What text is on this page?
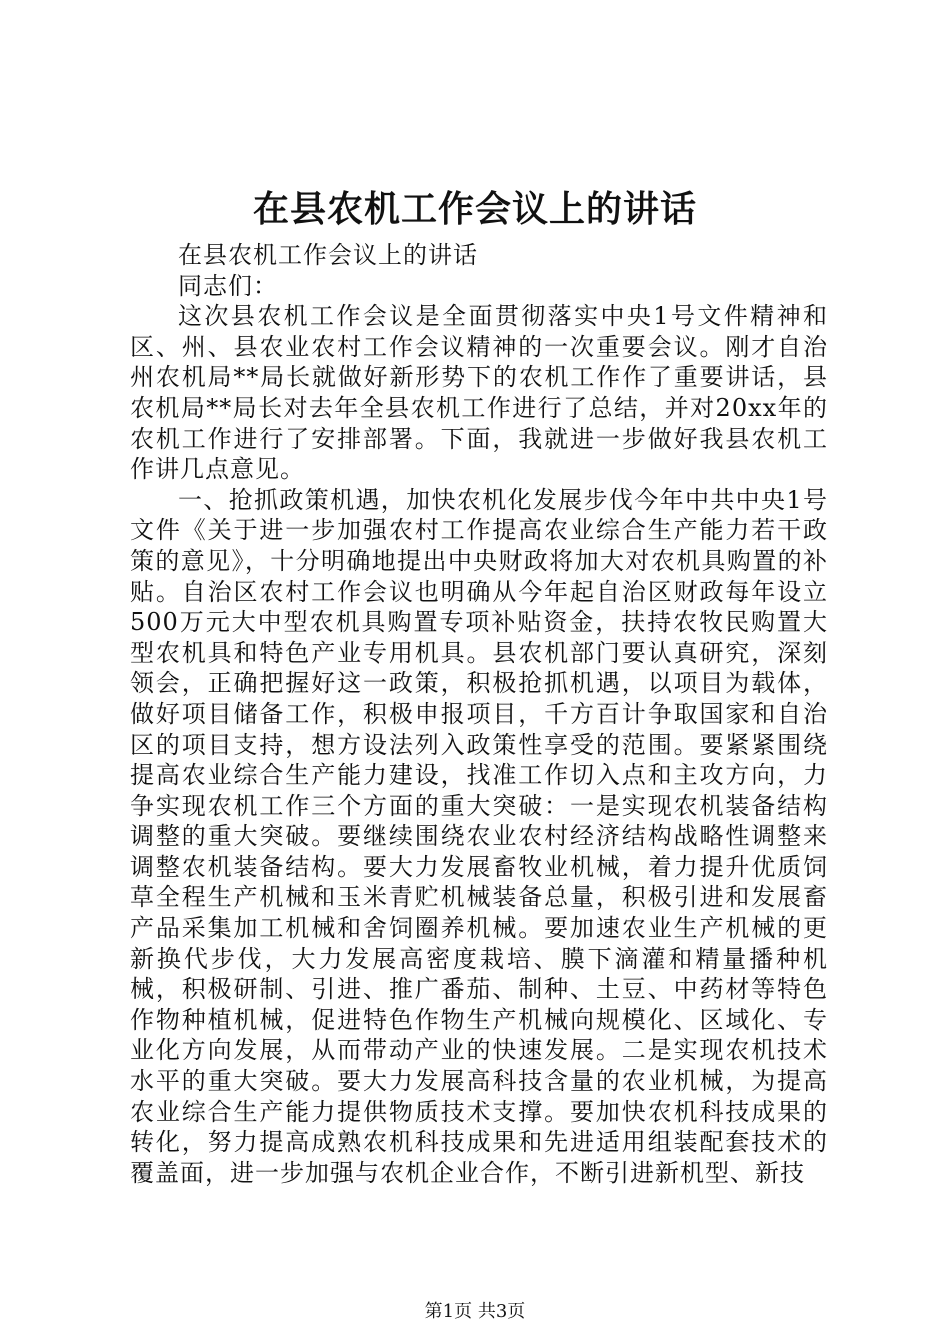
在县农机工作会议上的讲话

在县农机工作会议上的讲话

同志们：

这次县农机工作会议是全面贯彻落实中央1号文件精神和区、州、县农业农村工作会议精神的一次重要会议。刚才自治州农机局**局长就做好新形势下的农机工作作了重要讲话，县农机局**局长对去年全县农机工作进行了总结，并对20xx年的农机工作进行了安排部署。下面，我就进一步做好我县农机工作讲几点意见。

一、抢抓政策机遇，加快农机化发展步伐今年中共中央1号文件《关于进一步加强农村工作提高农业综合生产能力若干政策的意见》，十分明确地提出中央财政将加大对农机具购置的补贴。自治区农村工作会议也明确从今年起自治区财政每年设立500万元大中型农机具购置专项补贴资金，扶持农牧民购置大型农机具和特色产业专用机具。县农机部门要认真研究，深刻领会，正确把握好这一政策，积极抢抓机遇，以项目为载体，做好项目储备工作，积极申报项目，千方百计争取国家和自治区的项目支持，想方设法列入政策性享受的范围。要紧紧围绕提高农业综合生产能力建设，找准工作切入点和主攻方向，力争实现农机工作三个方面的重大突破：一是实现农机装备结构调整的重大突破。要继续围绕农业农村经济结构战略性调整来调整农机装备结构。要大力发展畜牧业机械，着力提升优质饲草全程生产机械和玉米青贮机械装备总量，积极引进和发展畜产品采集加工机械和舍饲圈养机械。要加速农业生产机械的更新换代步伐，大力发展高密度栽培、膜下滴灌和精量播种机械，积极研制、引进、推广番茄、制种、土豆、中药材等特色作物种植机械，促进特色作物生产机械向规模化、区域化、专业化方向发展，从而带动产业的快速发展。二是实现农机技术水平的重大突破。要大力发展高科技含量的农业机械，为提高农业综合生产能力提供物质技术支撑。要加快农机科技成果的转化，努力提高成熟农机科技成果和先进适用组装配套技术的覆盖面，进一步加强与农机企业合作，不断引进新机型、新技

第1页 共3页
